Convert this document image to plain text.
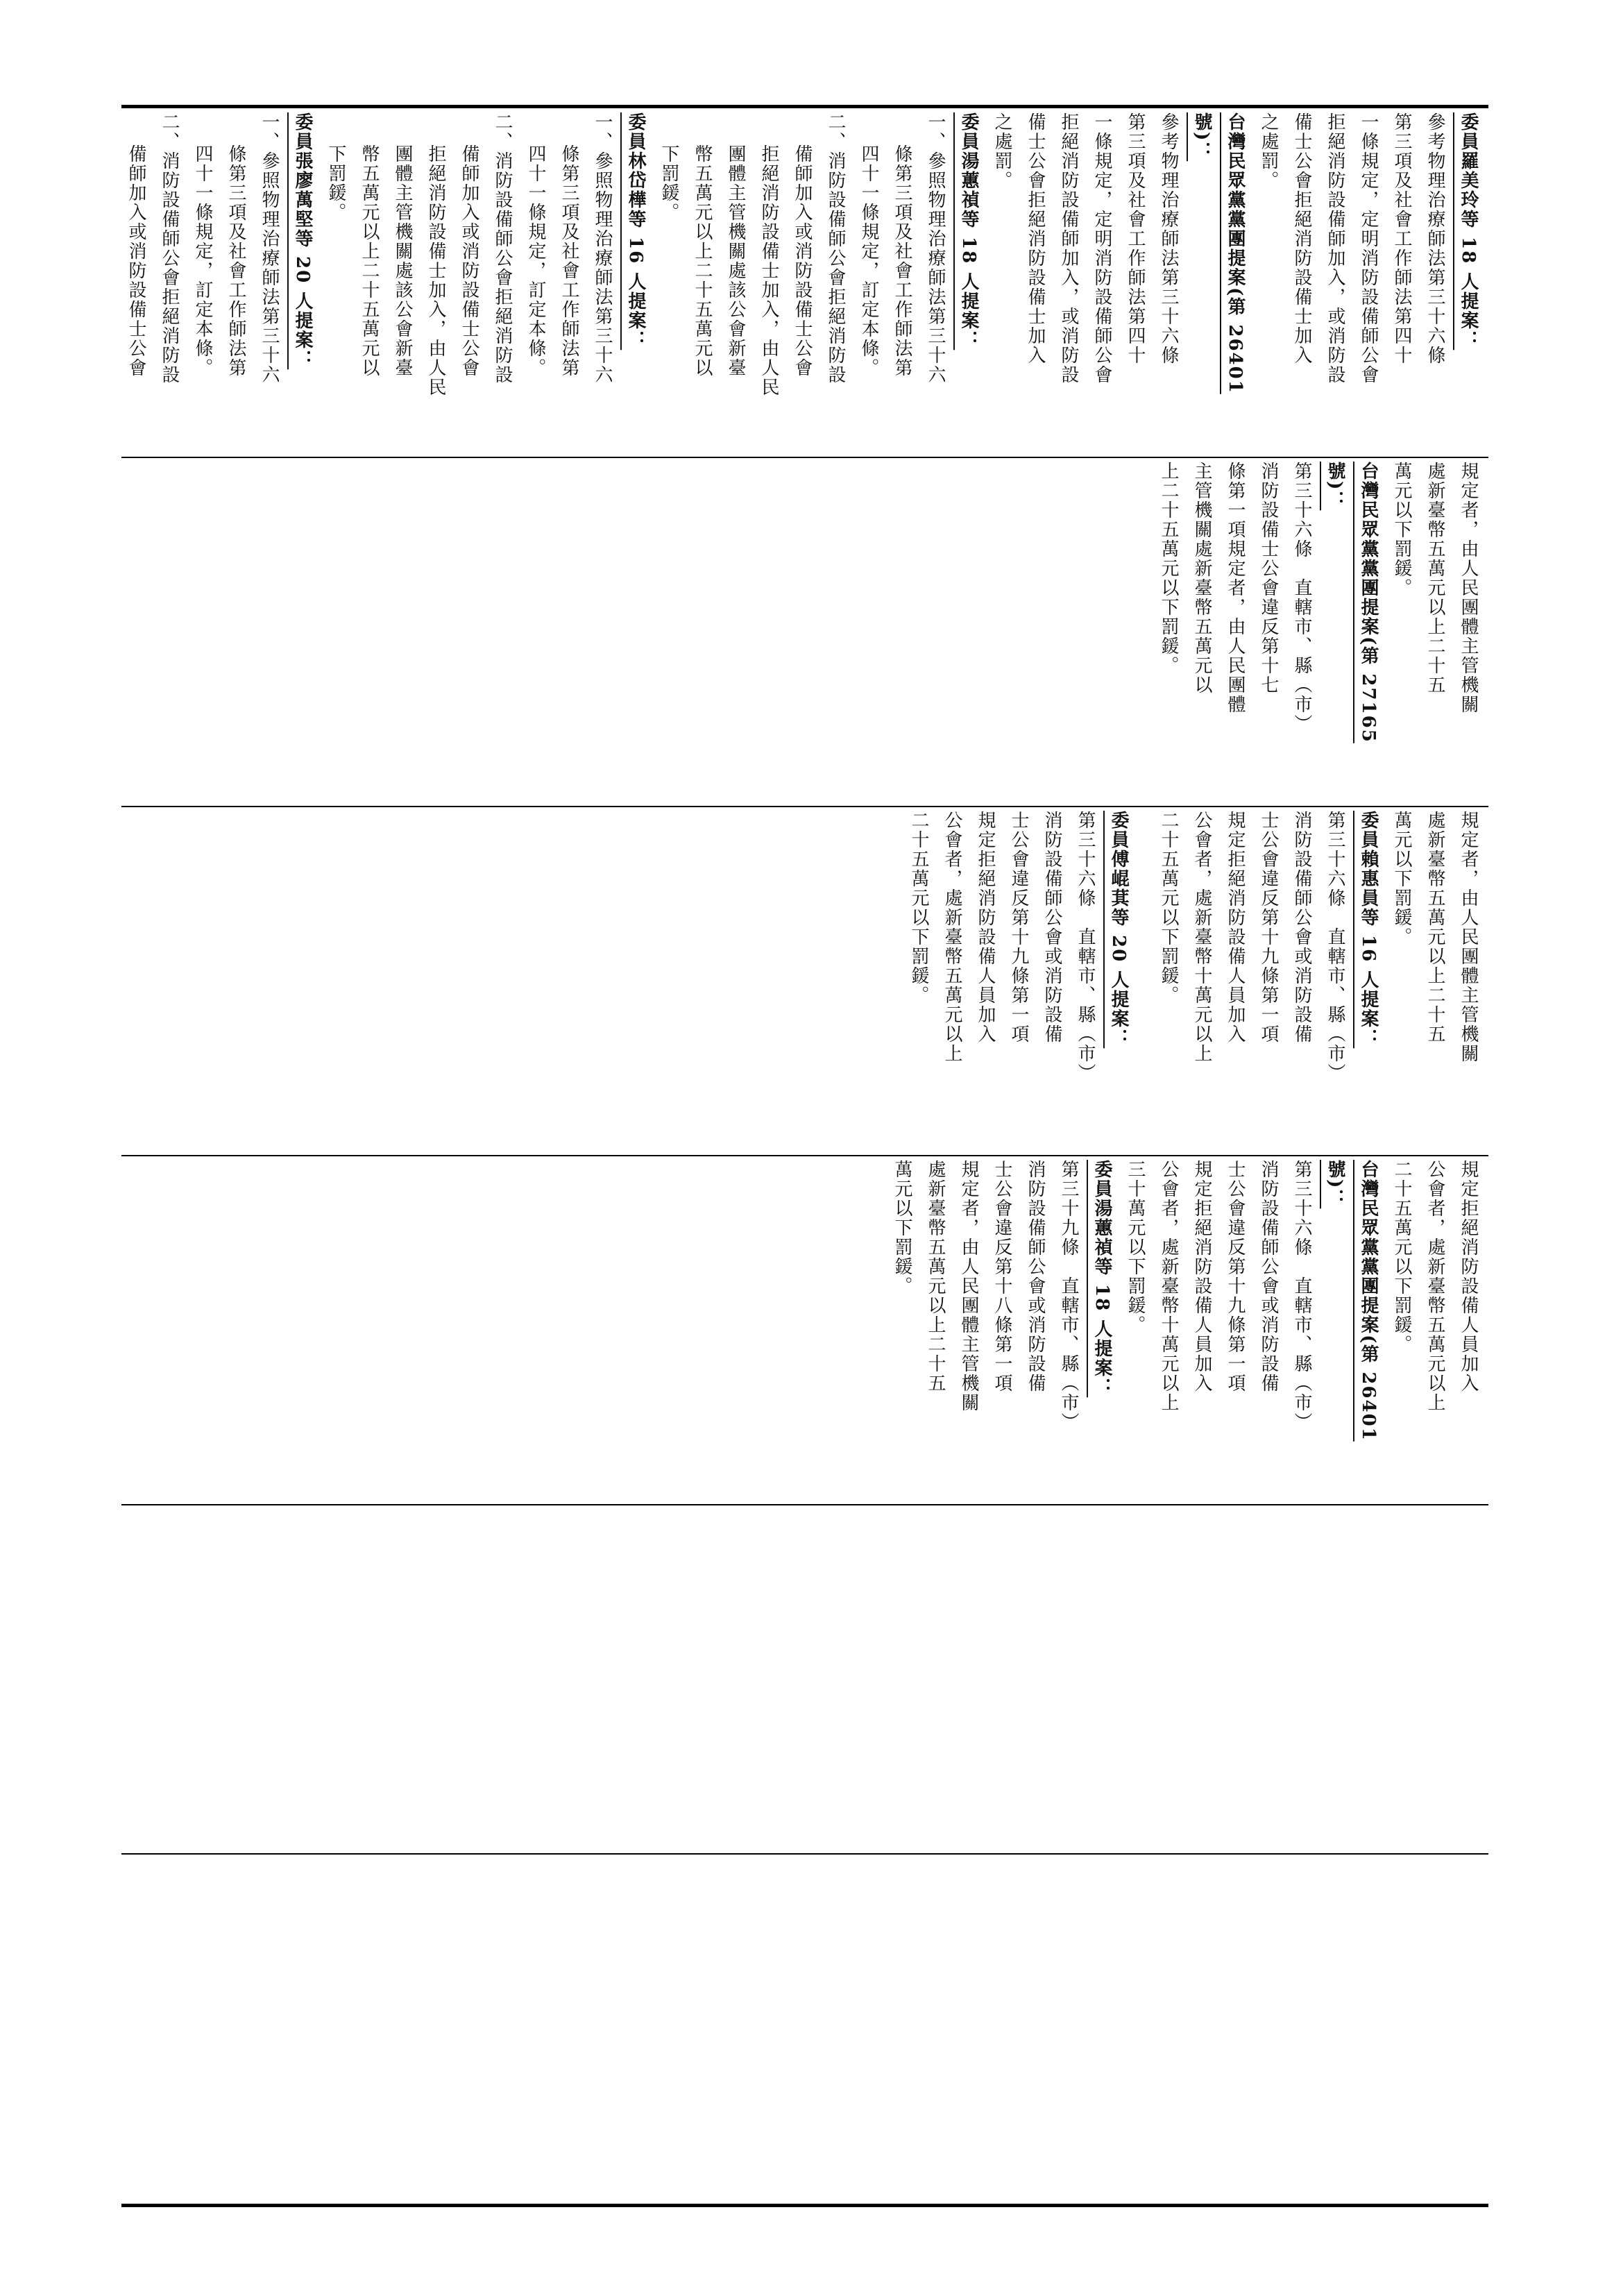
委員羅美玲等 18 人提案：
參考物理治療師法第三十六條
第三項及社會工作師法第四十
一條規定，定明消防設備師公會
拒絕消防設備師加入，或消防設
備士公會拒絕消防設備士加入
之處罰。
台灣民眾黨黨團提案(第 26401
號)：
參考物理治療師法第三十六條
第三項及社會工作師法第四十
一條規定，定明消防設備師公會
拒絕消防設備師加入，或消防設
備士公會拒絕消防設備士加入
之處罰。
委員湯蕙禎等 18 人提案：
一、參照物理治療師法第三十六
條第三項及社會工作師法第
四十一條規定，訂定本條。
二、消防設備師公會拒絕消防設
備師加入或消防設備士公會
拒絕消防設備士加入，由人民
團體主管機關處該公會新臺
幣五萬元以上二十五萬元以
下罰鍰。
委員林岱樺等 16 人提案：
一、參照物理治療師法第三十六
條第三項及社會工作師法第
四十一條規定，訂定本條。
二、消防設備師公會拒絕消防設
備師加入或消防設備士公會
拒絕消防設備士加入，由人民
團體主管機關處該公會新臺
幣五萬元以上二十五萬元以
下罰鍰。
委員張廖萬堅等 20 人提案：
一、參照物理治療師法第三十六
條第三項及社會工作師法第
四十一條規定，訂定本條。
二、消防設備師公會拒絕消防設
備師加入或消防設備士公會
規定者，由人民團體主管機關
處新臺幣五萬元以上二十五
萬元以下罰鍰。
台灣民眾黨黨團提案(第 27165
號)：
第三十六條　直轄市、縣（市）
消防設備士公會違反第十七
條第一項規定者，由人民團體
主管機關處新臺幣五萬元以
上二十五萬元以下罰鍰。
規定者，由人民團體主管機關
處新臺幣五萬元以上二十五
萬元以下罰鍰。
委員賴惠員等 16 人提案：
第三十六條　直轄市、縣（市）
消防設備師公會或消防設備
士公會違反第十九條第一項
規定拒絕消防設備人員加入
公會者，處新臺幣十萬元以上
二十五萬元以下罰鍰。
委員傅崐萁等 20 人提案：
第三十六條　直轄市、縣（市）
消防設備師公會或消防設備
士公會違反第十九條第一項
規定拒絕消防設備人員加入
公會者，處新臺幣五萬元以上
二十五萬元以下罰鍰。
規定拒絕消防設備人員加入
公會者，處新臺幣五萬元以上
二十五萬元以下罰鍰。
台灣民眾黨黨團提案(第 26401
號)：
第三十六條　直轄市、縣（市）
消防設備師公會或消防設備
士公會違反第十九條第一項
規定拒絕消防設備人員加入
公會者，處新臺幣十萬元以上
三十萬元以下罰鍰。
委員湯蕙禎等 18 人提案：
第三十九條　直轄市、縣（市）
消防設備師公會或消防設備
士公會違反第十八條第一項
規定者，由人民團體主管機關
處新臺幣五萬元以上二十五
萬元以下罰鍰。
